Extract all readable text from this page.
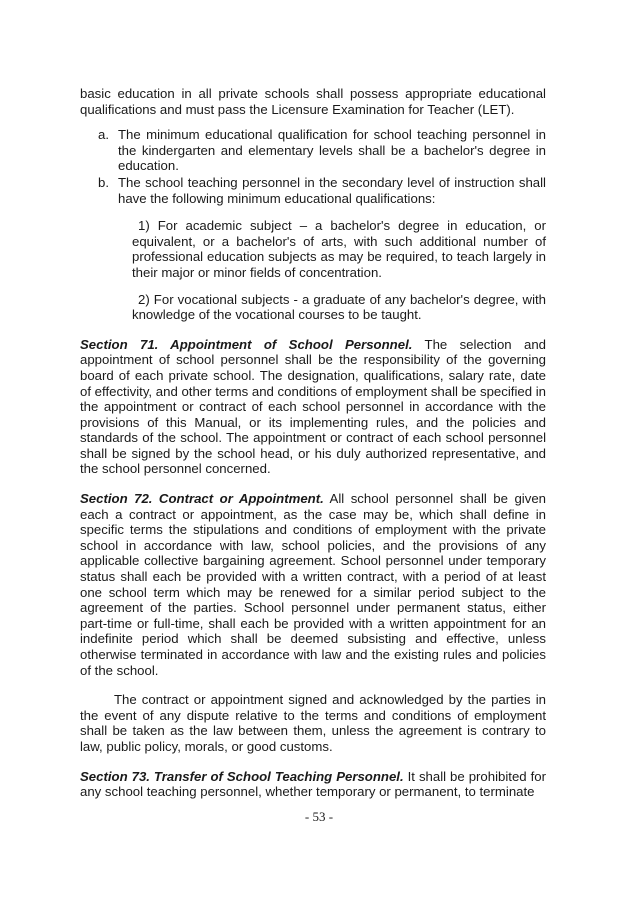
basic education in all private schools shall possess appropriate educational qualifications and must pass the Licensure Examination for Teacher (LET).

a. The minimum educational qualification for school teaching personnel in the kindergarten and elementary levels shall be a bachelor's degree in education.
b. The school teaching personnel in the secondary level of instruction shall have the following minimum educational qualifications:

1) For academic subject – a bachelor's degree in education, or equivalent, or a bachelor's of arts, with such additional number of professional education subjects as may be required, to teach largely in their major or minor fields of concentration.

2) For vocational subjects - a graduate of any bachelor's degree, with knowledge of the vocational courses to be taught.

Section 71. Appointment of School Personnel. The selection and appointment of school personnel shall be the responsibility of the governing board of each private school. The designation, qualifications, salary rate, date of effectivity, and other terms and conditions of employment shall be specified in the appointment or contract of each school personnel in accordance with the provisions of this Manual, or its implementing rules, and the policies and standards of the school. The appointment or contract of each school personnel shall be signed by the school head, or his duly authorized representative, and the school personnel concerned.

Section 72. Contract or Appointment. All school personnel shall be given each a contract or appointment, as the case may be, which shall define in specific terms the stipulations and conditions of employment with the private school in accordance with law, school policies, and the provisions of any applicable collective bargaining agreement. School personnel under temporary status shall each be provided with a written contract, with a period of at least one school term which may be renewed for a similar period subject to the agreement of the parties. School personnel under permanent status, either part-time or full-time, shall each be provided with a written appointment for an indefinite period which shall be deemed subsisting and effective, unless otherwise terminated in accordance with law and the existing rules and policies of the school.

The contract or appointment signed and acknowledged by the parties in the event of any dispute relative to the terms and conditions of employment shall be taken as the law between them, unless the agreement is contrary to law, public policy, morals, or good customs.

Section 73. Transfer of School Teaching Personnel. It shall be prohibited for any school teaching personnel, whether temporary or permanent, to terminate

- 53 -
